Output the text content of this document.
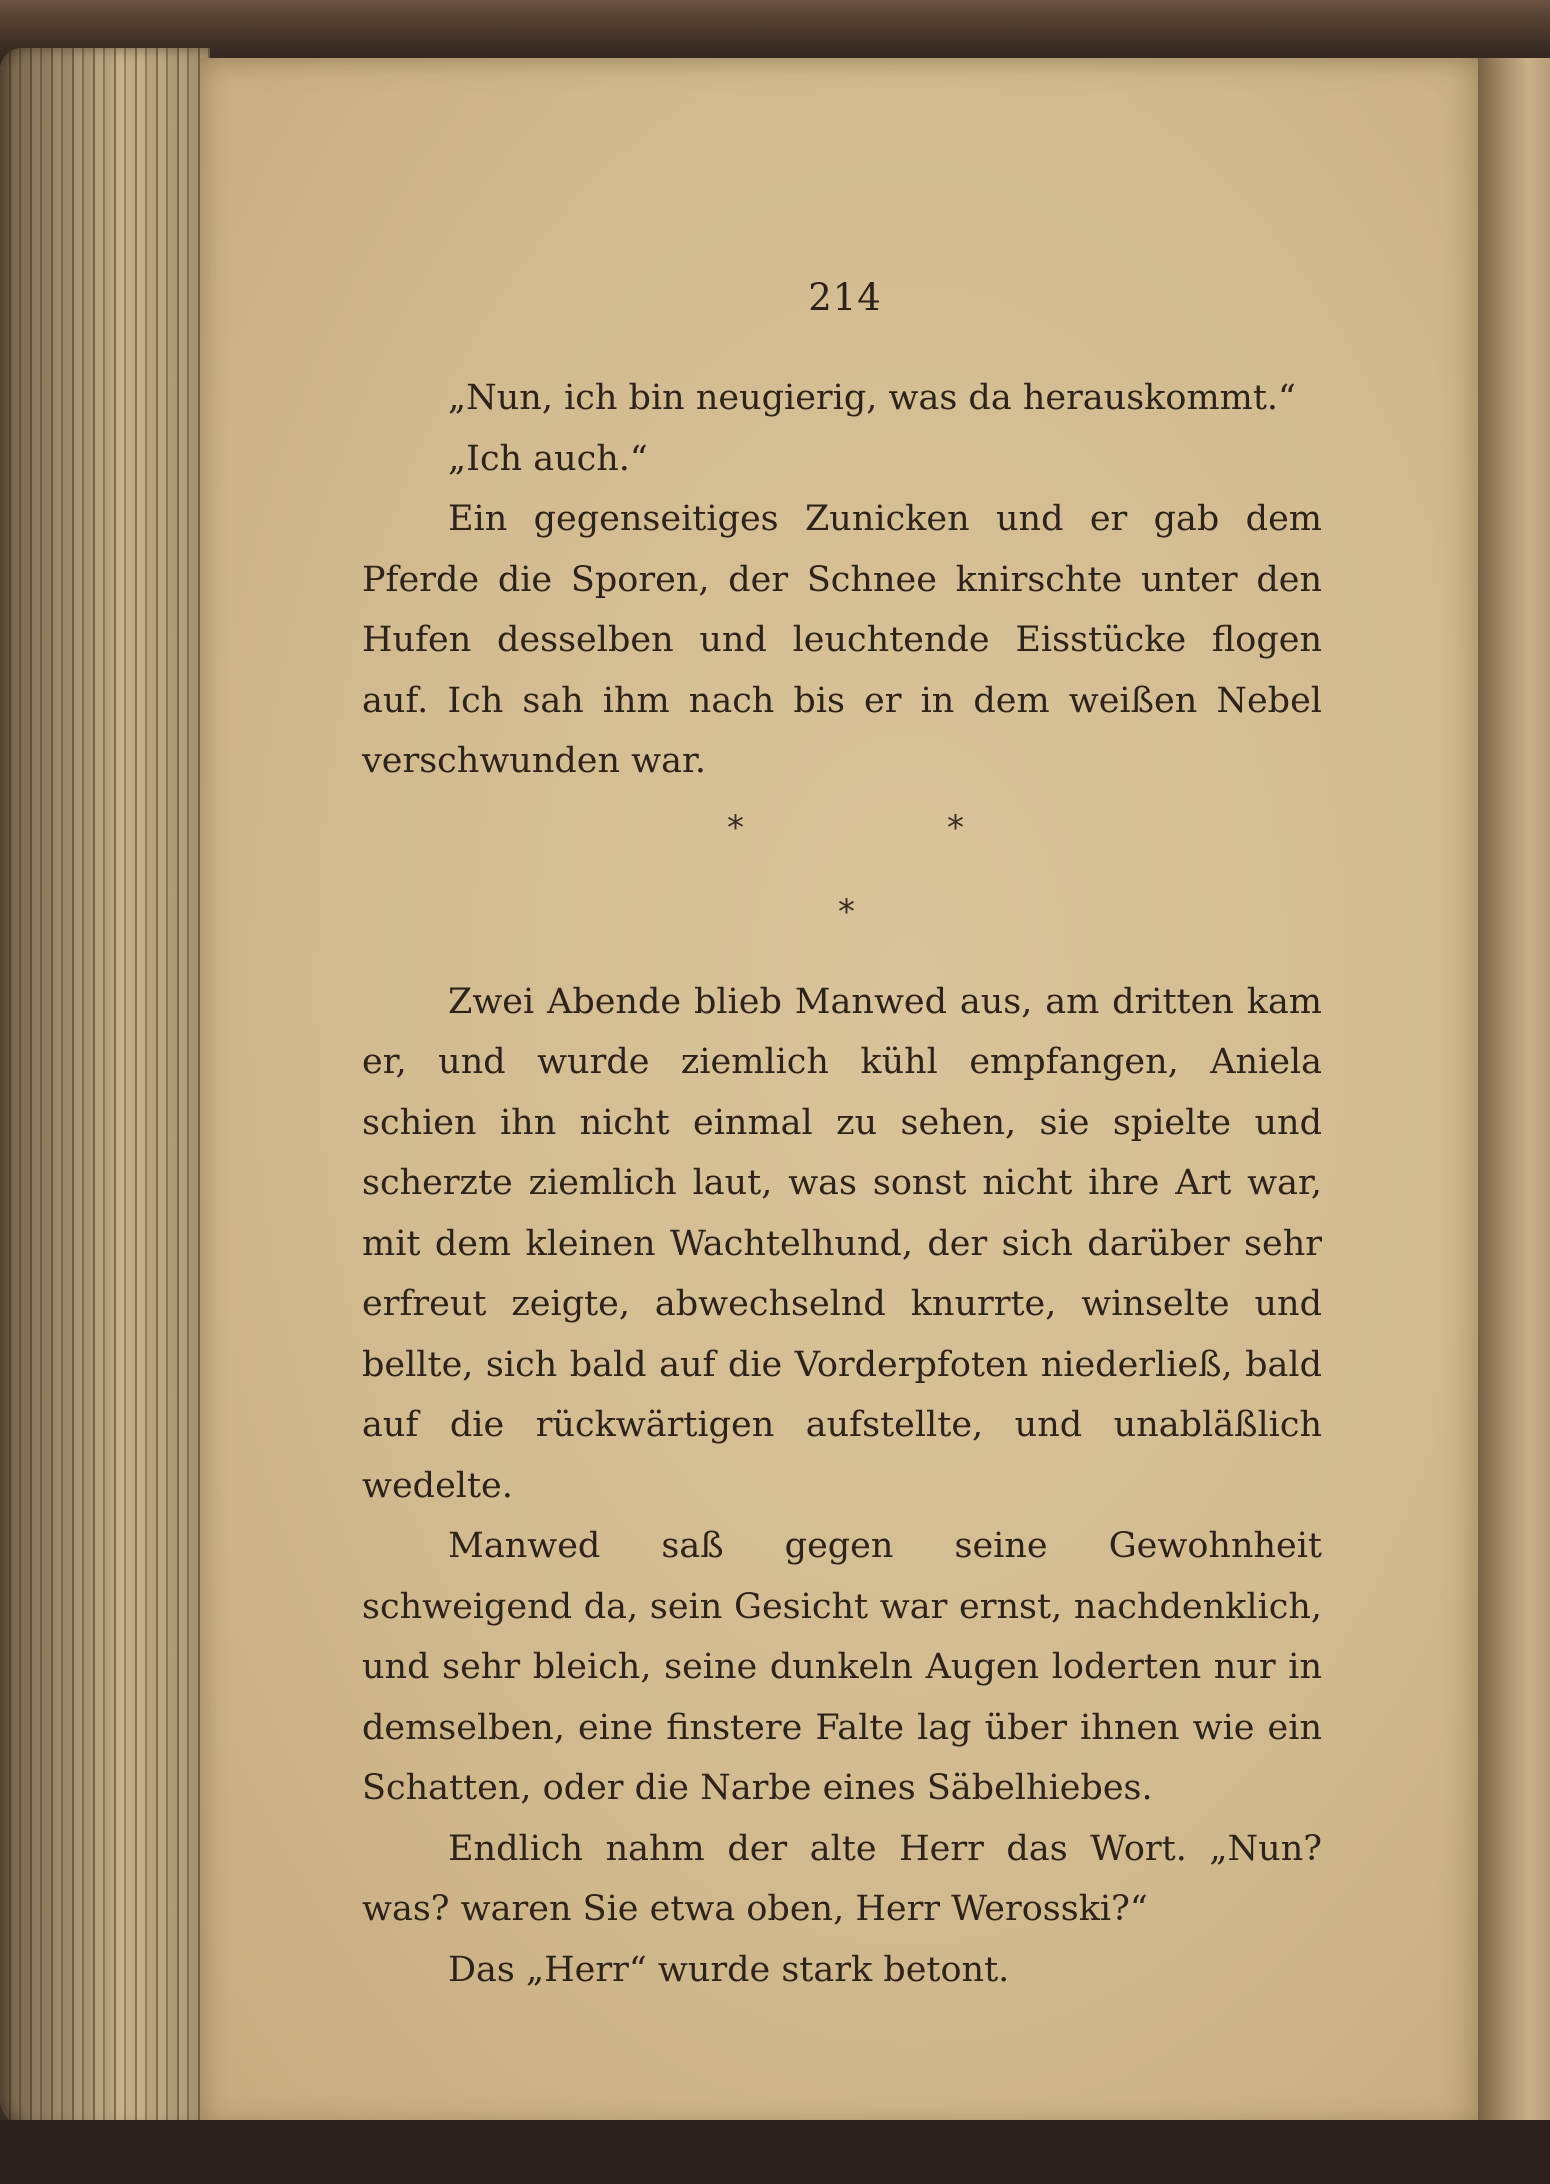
214

„Nun, ich bin neugierig, was da herauskommt.“

„Ich auch.“

Ein gegenseitiges Zunicken und er gab dem Pferde die Sporen, der Schnee knirschte unter den Hufen desselben und leuchtende Eisstücke flogen auf. Ich sah ihm nach bis er in dem weißen Nebel verschwunden war.

*	*
*

Zwei Abende blieb Manwed aus, am dritten kam er, und wurde ziemlich kühl empfangen, Aniela schien ihn nicht einmal zu sehen, sie spielte und scherzte ziemlich laut, was sonst nicht ihre Art war, mit dem kleinen Wachtelhund, der sich darüber sehr erfreut zeigte, abwechselnd knurrte, winselte und bellte, sich bald auf die Vorderpfoten niederließ, bald auf die rückwärtigen aufstellte, und unabläßlich wedelte.

Manwed saß gegen seine Gewohnheit schweigend da, sein Gesicht war ernst, nachdenklich, und sehr bleich, seine dunkeln Augen loderten nur in demselben, eine finstere Falte lag über ihnen wie ein Schatten, oder die Narbe eines Säbelhiebes.

Endlich nahm der alte Herr das Wort. „Nun? was? waren Sie etwa oben, Herr Werosski?“

Das „Herr“ wurde stark betont.
